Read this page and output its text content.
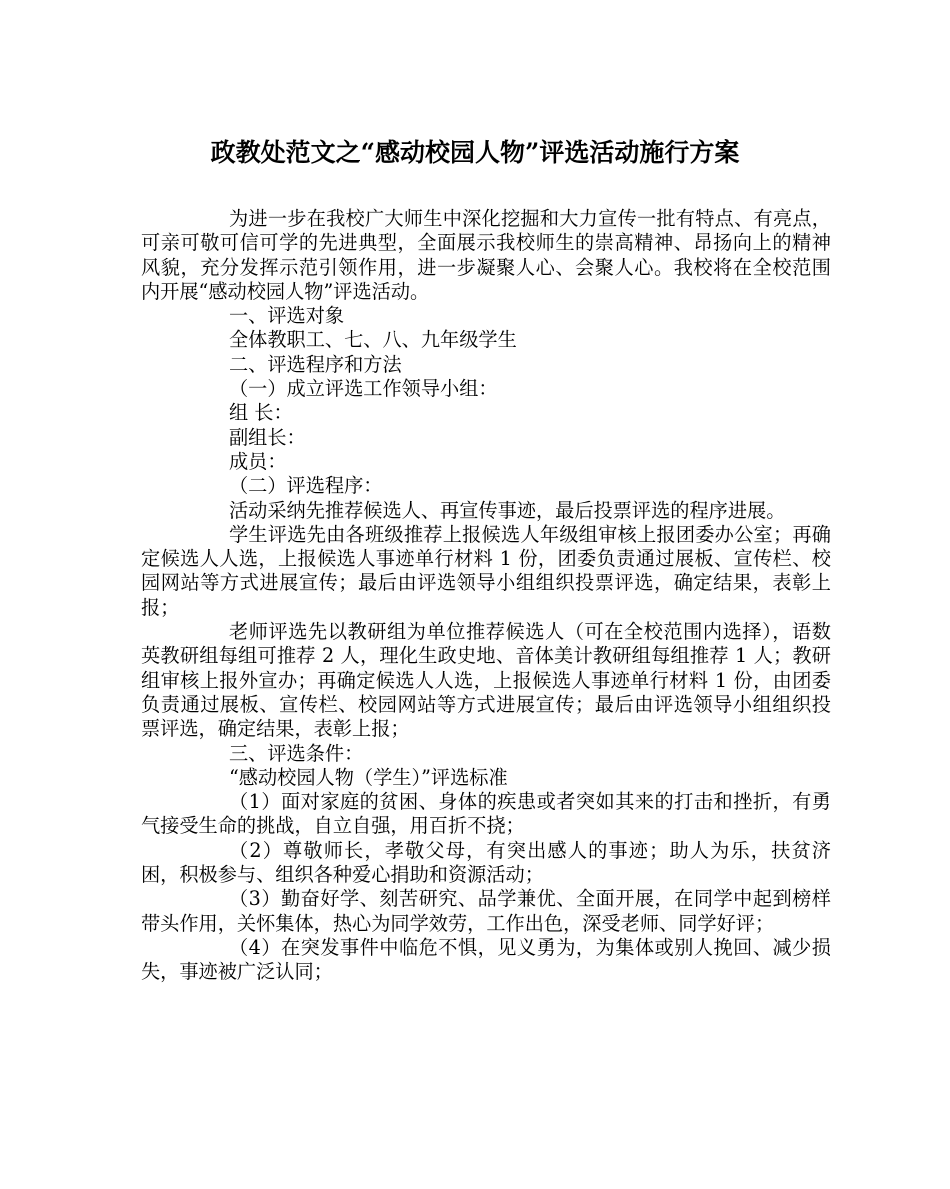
政教处范文之“感动校园人物”评选活动施行方案

为进一步在我校广大师生中深化挖掘和大力宣传一批有特点、有亮点，可亲可敬可信可学的先进典型，全面展示我校师生的崇高精神、昂扬向上的精神风貌，充分发挥示范引领作用，进一步凝聚人心、会聚人心。我校将在全校范围内开展“感动校园人物”评选活动。

一、评选对象

全体教职工、七、八、九年级学生

二、评选程序和方法

（一）成立评选工作领导小组：

组 长：

副组长：

成员：

（二）评选程序：

活动采纳先推荐候选人、再宣传事迹，最后投票评选的程序进展。

学生评选先由各班级推荐上报候选人年级组审核上报团委办公室；再确定候选人人选，上报候选人事迹单行材料 1 份，团委负责通过展板、宣传栏、校园网站等方式进展宣传；最后由评选领导小组组织投票评选，确定结果，表彰上报；

老师评选先以教研组为单位推荐候选人（可在全校范围内选择），语数英教研组每组可推荐 2 人，理化生政史地、音体美计教研组每组推荐 1 人；教研组审核上报外宣办；再确定候选人人选，上报候选人事迹单行材料 1 份，由团委负责通过展板、宣传栏、校园网站等方式进展宣传；最后由评选领导小组组织投票评选，确定结果，表彰上报；

三、评选条件：

“感动校园人物（学生）”评选标准

（1）面对家庭的贫困、身体的疾患或者突如其来的打击和挫折，有勇气接受生命的挑战，自立自强，用百折不挠；

（2）尊敬师长，孝敬父母，有突出感人的事迹；助人为乐，扶贫济困，积极参与、组织各种爱心捐助和资源活动；

（3）勤奋好学、刻苦研究、品学兼优、全面开展，在同学中起到榜样带头作用，关怀集体，热心为同学效劳，工作出色，深受老师、同学好评；

（4）在突发事件中临危不惧，见义勇为，为集体或别人挽回、减少损失，事迹被广泛认同；
